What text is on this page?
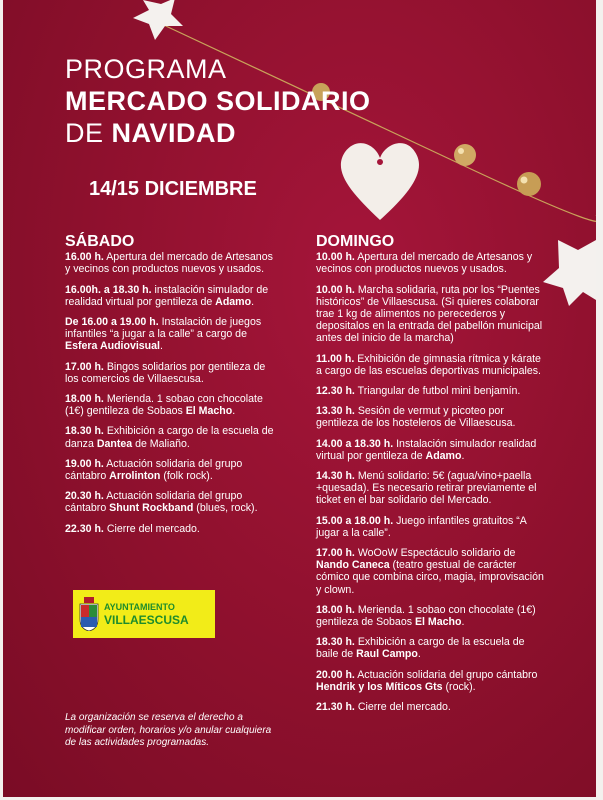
PROGRAMA
MERCADO SOLIDARIO
DE NAVIDAD
14/15 DICIEMBRE
SÁBADO
16.00 h. Apertura del mercado de Artesanos y vecinos con productos nuevos y usados.
16.00h. a 18.30 h. instalación simulador de realidad virtual por gentileza de Adamo.
De 16.00 a 19.00 h. Instalación de juegos infantiles “a jugar a la calle” a cargo de Esfera Audiovisual.
17.00 h. Bingos solidarios por gentileza de los comercios de Villaescusa.
18.00 h. Merienda. 1 sobao con chocolate (1€) gentileza de Sobaos El Macho.
18.30 h. Exhibición a cargo de la escuela de danza Dantea de Maliaño.
19.00 h. Actuación solidaria del grupo cántabro Arrolinton (folk rock).
20.30 h. Actuación solidaria del grupo cántabro Shunt Rockband (blues, rock).
22.30 h. Cierre del mercado.
DOMINGO
10.00 h. Apertura del mercado de Artesanos y vecinos con productos nuevos y usados.
10.00 h. Marcha solidaria, ruta por los “Puentes históricos” de Villaescusa. (Si quieres colaborar trae 1 kg de alimentos no perecederos y depositalos en la entrada del pabellón municipal antes del inicio de la marcha)
11.00 h. Exhibición de gimnasia rítmica y kárate a cargo de las escuelas deportivas municipales.
12.30 h. Triangular de futbol mini benjamín.
13.30 h. Sesión de vermut y picoteo por gentileza de los hosteleros de Villaescusa.
14.00 a 18.30 h. Instalación simulador realidad virtual por gentileza de Adamo.
14.30 h. Menú solidario: 5€ (agua/vino+paella +quesada). Es necesario retirar previamente el ticket en el bar solidario del Mercado.
15.00 a 18.00 h. Juego infantiles gratuitos “A jugar a la calle”.
17.00 h. WoOoW Espectáculo solidario de Nando Caneca (teatro gestual de carácter cómico que combina circo, magia, improvisación y clown.
18.00 h. Merienda. 1 sobao con chocolate (1€) gentileza de Sobaos El Macho.
18.30 h. Exhibición a cargo de la escuela de baile de Raul Campo.
20.00 h. Actuación solidaria del grupo cántabro Hendrik y los Míticos Gts (rock).
21.30 h. Cierre del mercado.
AYUNTAMIENTO
VILLAESCUSA
La organización se reserva el derecho a modificar orden, horarios y/o anular cualquiera de las actividades programadas.
